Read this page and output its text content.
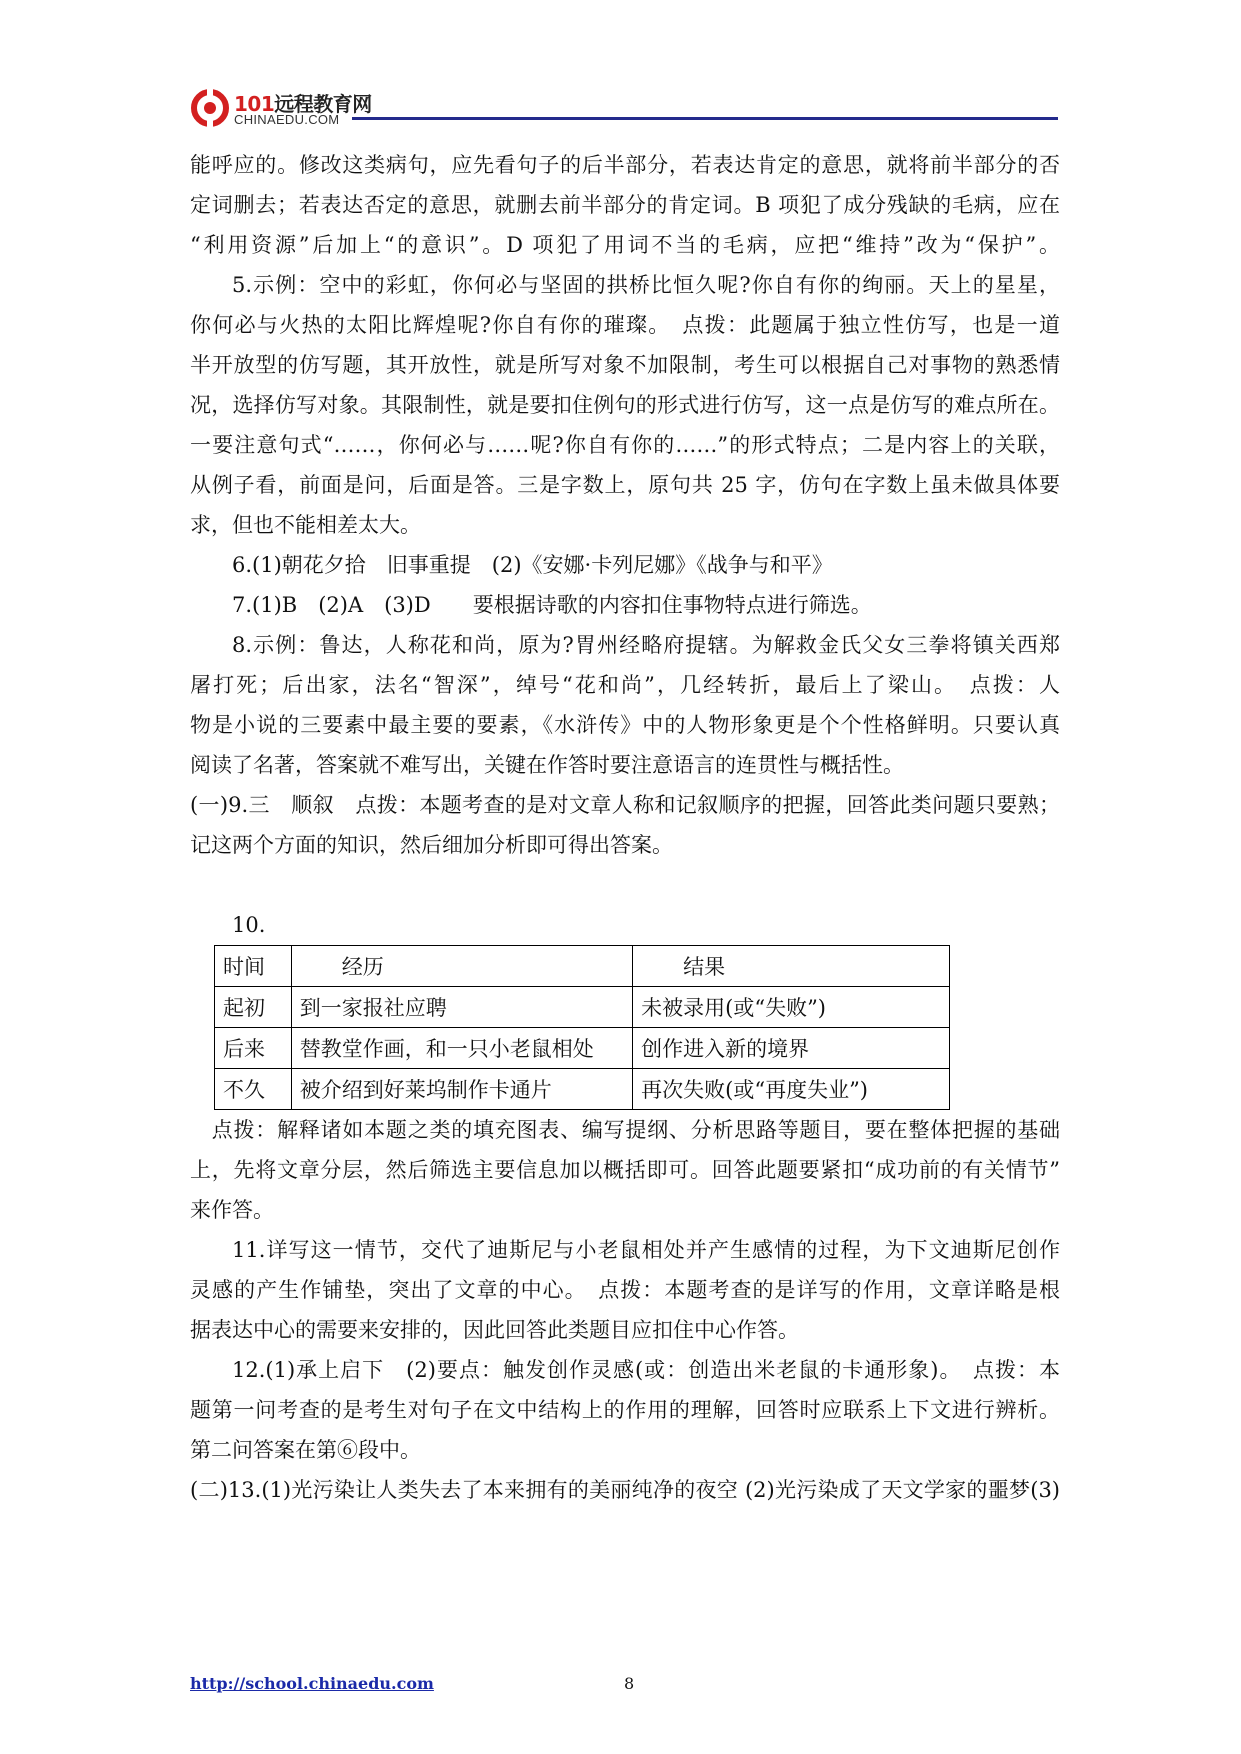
101远程教育网
CHINAEDU.COM

能呼应的。修改这类病句，应先看句子的后半部分，若表达肯定的意思，就将前半部分的否

定词删去；若表达否定的意思，就删去前半部分的肯定词。B 项犯了成分残缺的毛病，应在

“利用资源”后加上“的意识”。D 项犯了用词不当的毛病，应把“维持”改为“保护”。

5.示例：空中的彩虹，你何必与坚固的拱桥比恒久呢?你自有你的绚丽。天上的星星，

你何必与火热的太阳比辉煌呢?你自有你的璀璨。　点拨：此题属于独立性仿写，也是一道

半开放型的仿写题，其开放性，就是所写对象不加限制，考生可以根据自己对事物的熟悉情

况，选择仿写对象。其限制性，就是要扣住例句的形式进行仿写，这一点是仿写的难点所在。

一要注意句式“……，你何必与……呢?你自有你的……”的形式特点；二是内容上的关联，

从例子看，前面是问，后面是答。三是字数上，原句共 25 字，仿句在字数上虽未做具体要

求，但也不能相差太大。

6.(1)朝花夕拾　旧事重提　(2)《安娜·卡列尼娜》《战争与和平》

7.(1)B　(2)A　(3)D　　要根据诗歌的内容扣住事物特点进行筛选。

8.示例：鲁达，人称花和尚，原为?胃州经略府提辖。为解救金氏父女三拳将镇关西郑

屠打死；后出家，法名“智深”，绰号“花和尚”，几经转折，最后上了梁山。　点拨：人

物是小说的三要素中最主要的要素，《水浒传》中的人物形象更是个个性格鲜明。只要认真

阅读了名著，答案就不难写出，关键在作答时要注意语言的连贯性与概括性。

(一)9.三　顺叙　点拨：本题考查的是对文章人称和记叙顺序的把握，回答此类问题只要熟；

记这两个方面的知识，然后细加分析即可得出答案。

10.

时间	经历	结果
起初	到一家报社应聘	未被录用(或“失败”)
后来	替教堂作画，和一只小老鼠相处	创作进入新的境界
不久	被介绍到好莱坞制作卡通片	再次失败(或“再度失业”)

　点拨：解释诸如本题之类的填充图表、编写提纲、分析思路等题目，要在整体把握的基础

上，先将文章分层，然后筛选主要信息加以概括即可。回答此题要紧扣“成功前的有关情节”

来作答。

11.详写这一情节，交代了迪斯尼与小老鼠相处并产生感情的过程，为下文迪斯尼创作

灵感的产生作铺垫，突出了文章的中心。　点拨：本题考查的是详写的作用，文章详略是根

据表达中心的需要来安排的，因此回答此类题目应扣住中心作答。

12.(1)承上启下　(2)要点：触发创作灵感(或：创造出米老鼠的卡通形象)。　点拨：本

题第一问考查的是考生对句子在文中结构上的作用的理解，回答时应联系上下文进行辨析。

第二问答案在第⑥段中。

(二)13.(1)光污染让人类失去了本来拥有的美丽纯净的夜空 (2)光污染成了天文学家的噩梦(3)

http://school.chinaedu.com	8
